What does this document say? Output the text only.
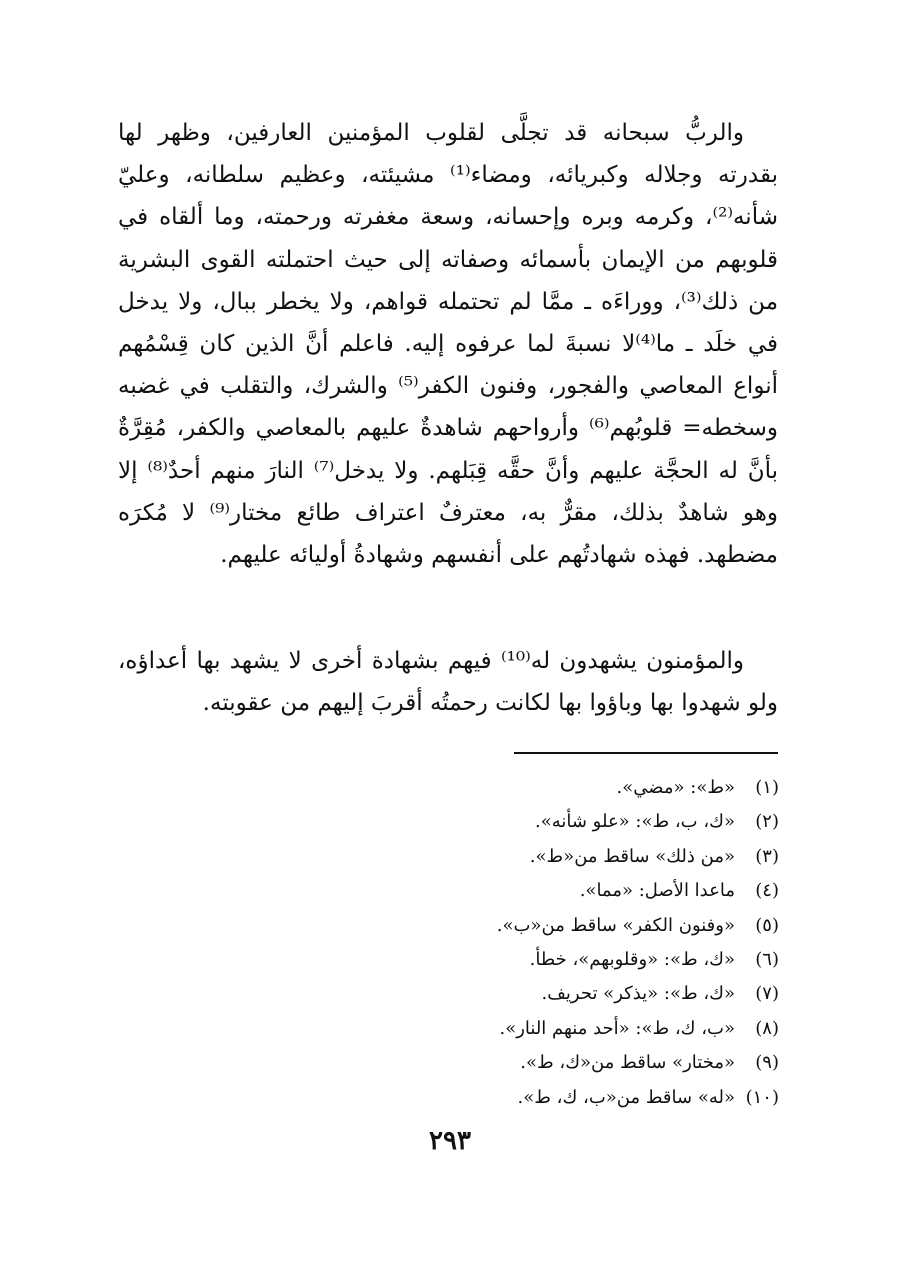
والربُّ سبحانه قد تجلَّى لقلوب المؤمنين العارفين، وظهر لها بقدرته وجلاله وكبريائه، ومضاء⁽¹⁾ مشيئته، وعظيم سلطانه، وعليّ شأنه⁽²⁾، وكرمه وبره وإحسانه، وسعة مغفرته ورحمته، وما ألقاه في قلوبهم من الإيمان بأسمائه وصفاته إلى حيث احتملته القوى البشرية من ذلك⁽³⁾، ووراءَه ـ ممَّا لم تحتمله قواهم، ولا يخطر ببال، ولا يدخل في خلَد ـ ما⁽⁴⁾لا نسبةَ لما عرفوه إليه. فاعلم أنَّ الذين كان قِسْمُهم أنواع المعاصي والفجور، وفنون الكفر⁽⁵⁾ والشرك، والتقلب في غضبه وسخطه= قلوبُهم⁽⁶⁾ وأرواحهم شاهدةٌ عليهم بالمعاصي والكفر، مُقِرَّةٌ بأنَّ له الحجَّة عليهم وأنَّ حقَّه قِبَلهم. ولا يدخل⁽⁷⁾ النارَ منهم أحدٌ⁽⁸⁾ إلا وهو شاهدٌ بذلك، مقرٌّ به، معترفٌ اعتراف طائع مختار⁽⁹⁾ لا مُكرَه مضطهد. فهذه شهادتُهم على أنفسهم وشهادةُ أوليائه عليهم.

والمؤمنون يشهدون له⁽¹⁰⁾ فيهم بشهادة أخرى لا يشهد بها أعداؤه، ولو شهدوا بها وباؤوا بها لكانت رحمتُه أقربَ إليهم من عقوبته.

(١)
«ط»: «مضي».
(٢)
«ك، ب، ط»: «علو شأنه».
(٣)
«من ذلك» ساقط من«ط».
(٤)
ماعدا الأصل: «مما».
(٥)
«وفنون الكفر» ساقط من«ب».
(٦)
«ك، ط»: «وقلوبهم»، خطأ.
(٧)
«ك، ط»: «يذكر» تحريف.
(٨)
«ب، ك، ط»: «أحد منهم النار».
(٩)
«مختار» ساقط من«ك، ط».
(١٠)
«له» ساقط من«ب، ك، ط».
٢٩٣
